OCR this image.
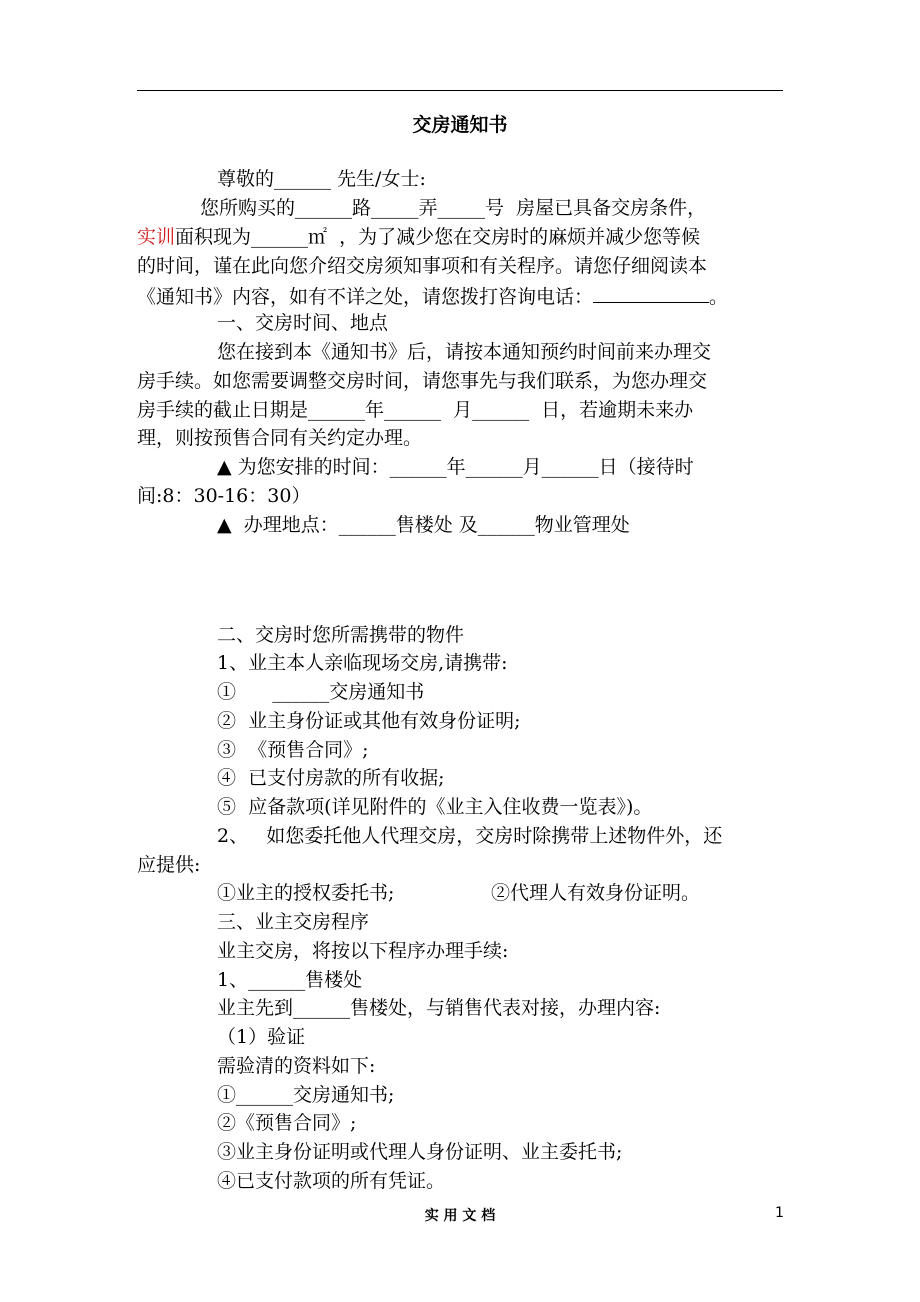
交房通知书
尊敬的______ 先生/女士:
您所购买的______路_____弄_____号  房屋已具备交房条件，
实训面积现为______㎡  ，为了减少您在交房时的麻烦并减少您等候
的时间，谨在此向您介绍交房须知事项和有关程序。请您仔细阅读本
《通知书》内容，如有不详之处，请您拨打咨询电话：	。
一、交房时间、地点
您在接到本《通知书》后，请按本通知预约时间前来办理交
房手续。如您需要调整交房时间，请您事先与我们联系，为您办理交
房手续的截止日期是______年______  月______  日，若逾期未来办
理，则按预售合同有关约定办理。
▲ 为您安排的时间：______年______月______日（接待时
间:8：30-16：30）
▲  办理地点：______售楼处 及______物业管理处
二、交房时您所需携带的物件
1、业主本人亲临现场交房,请携带:
①      ______交房通知书
②  业主身份证或其他有效身份证明;
③  《预售合同》;
④  已支付房款的所有收据;
⑤  应备款项(详见附件的《业主入住收费一览表》)。
2、   如您委托他人代理交房，交房时除携带上述物件外，还
应提供:
①业主的授权委托书;                ②代理人有效身份证明。
三、业主交房程序
业主交房，将按以下程序办理手续:
1、______售楼处
业主先到______售楼处，与销售代表对接，办理内容:
（1）验证
需验清的资料如下:
①______交房通知书;
②《预售合同》;
③业主身份证明或代理人身份证明、业主委托书;
④已支付款项的所有凭证。
实 用 文 档	1
